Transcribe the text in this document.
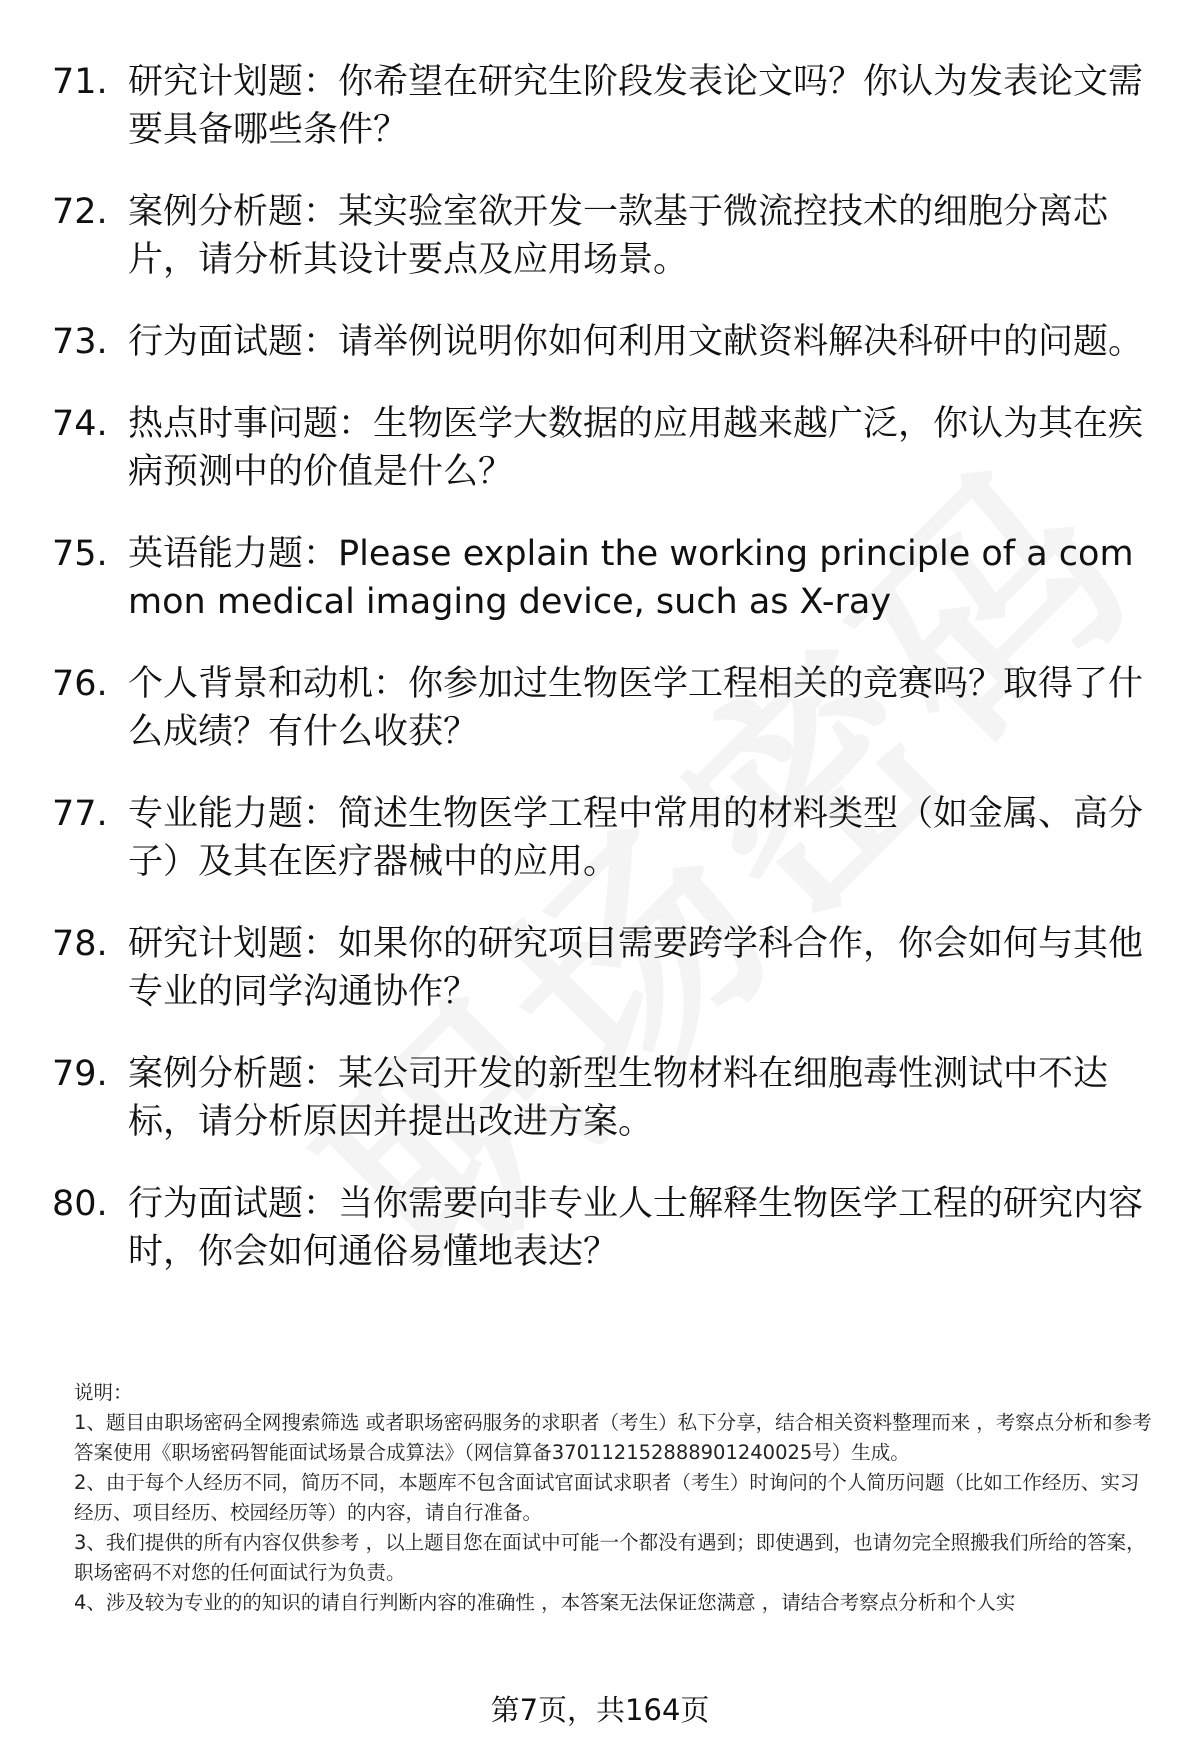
71. 研究计划题：你希望在研究生阶段发表论文吗？你认为发表论文需要具备哪些条件？
72. 案例分析题：某实验室欲开发一款基于微流控技术的细胞分离芯片，请分析其设计要点及应用场景。
73. 行为面试题：请举例说明你如何利用文献资料解决科研中的问题。
74. 热点时事问题：生物医学大数据的应用越来越广泛，你认为其在疾病预测中的价值是什么？
75. 英语能力题：Please explain the working principle of a common medical imaging device, such as X-ray
76. 个人背景和动机：你参加过生物医学工程相关的竞赛吗？取得了什么成绩？有什么收获？
77. 专业能力题：简述生物医学工程中常用的材料类型（如金属、高分子）及其在医疗器械中的应用。
78. 研究计划题：如果你的研究项目需要跨学科合作，你会如何与其他专业的同学沟通协作？
79. 案例分析题：某公司开发的新型生物材料在细胞毒性测试中不达标，请分析原因并提出改进方案。
80. 行为面试题：当你需要向非专业人士解释生物医学工程的研究内容时，你会如何通俗易懂地表达？
说明：
1、题目由职场密码全网搜索筛选 或者职场密码服务的求职者（考生）私下分享，结合相关资料整理而来 ，考察点分析和参考答案使用《职场密码智能面试场景合成算法》（网信算备370112152888901240025号）生成。
2、由于每个人经历不同，简历不同，本题库不包含面试官面试求职者（考生）时询问的个人简历问题（比如工作经历、实习经历、项目经历、校园经历等）的内容，请自行准备。
3、我们提供的所有内容仅供参考 ，以上题目您在面试中可能一个都没有遇到；即使遇到，也请勿完全照搬我们所给的答案，职场密码不对您的任何面试行为负责。
4、涉及较为专业的的知识的请自行判断内容的准确性 ，本答案无法保证您满意 ，请结合考察点分析和个人实
第7页，共164页
